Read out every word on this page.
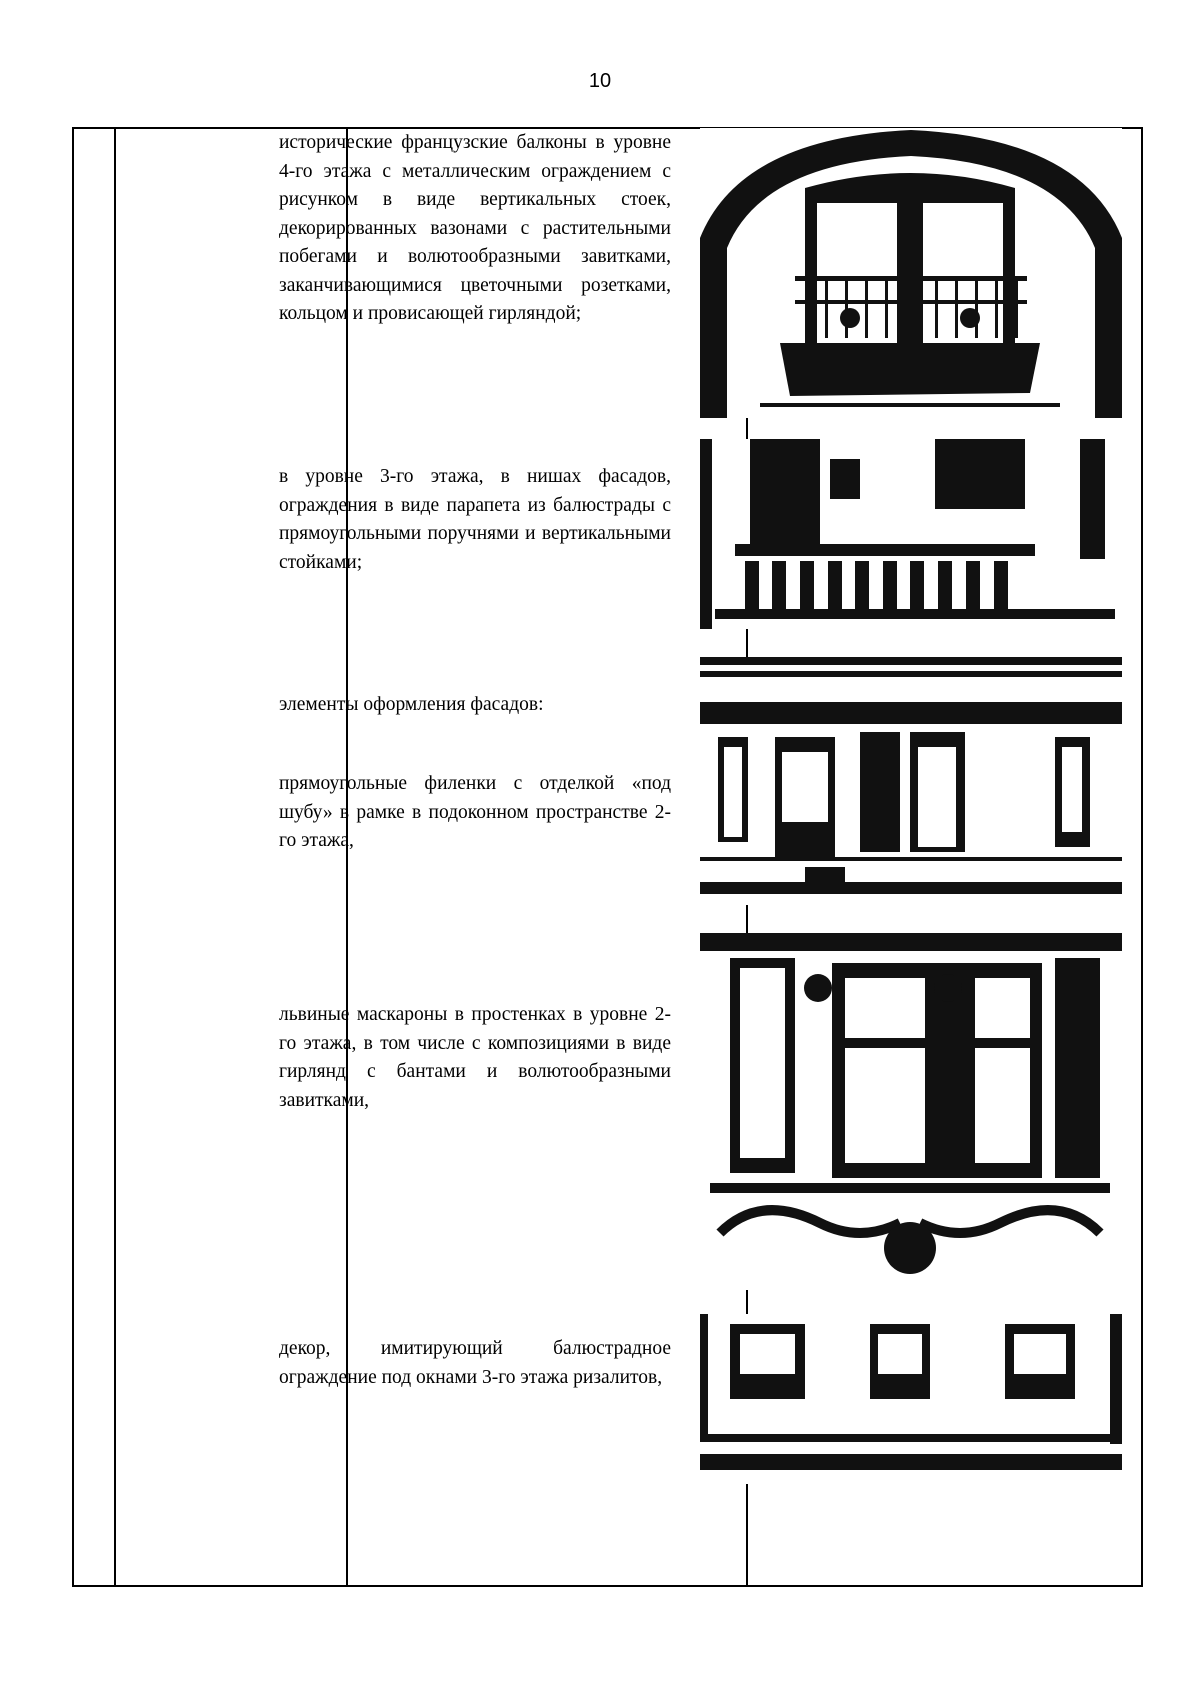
10

исторические французские балконы в уровне 4-го этажа с металлическим ограждением с рисунком в виде вертикальных стоек, декорированных вазонами с растительными побегами и волютообразными завитками, заканчивающимися цветочными розетками, кольцом и провисающей гирляндой;

в уровне 3-го этажа, в нишах фасадов, ограждения в виде парапета из балюстрады с прямоугольными поручнями и вертикальными стойками;

элементы оформления фасадов:

прямоугольные филенки с отделкой «под шубу» в рамке в подоконном пространстве 2-го этажа,

львиные маскароны в простенках в уровне 2-го этажа, в том числе с композициями в виде гирлянд с бантами и волютообразными завитками,

декор, имитирующий балюстрадное ограждение под окнами 3-го этажа ризалитов,
